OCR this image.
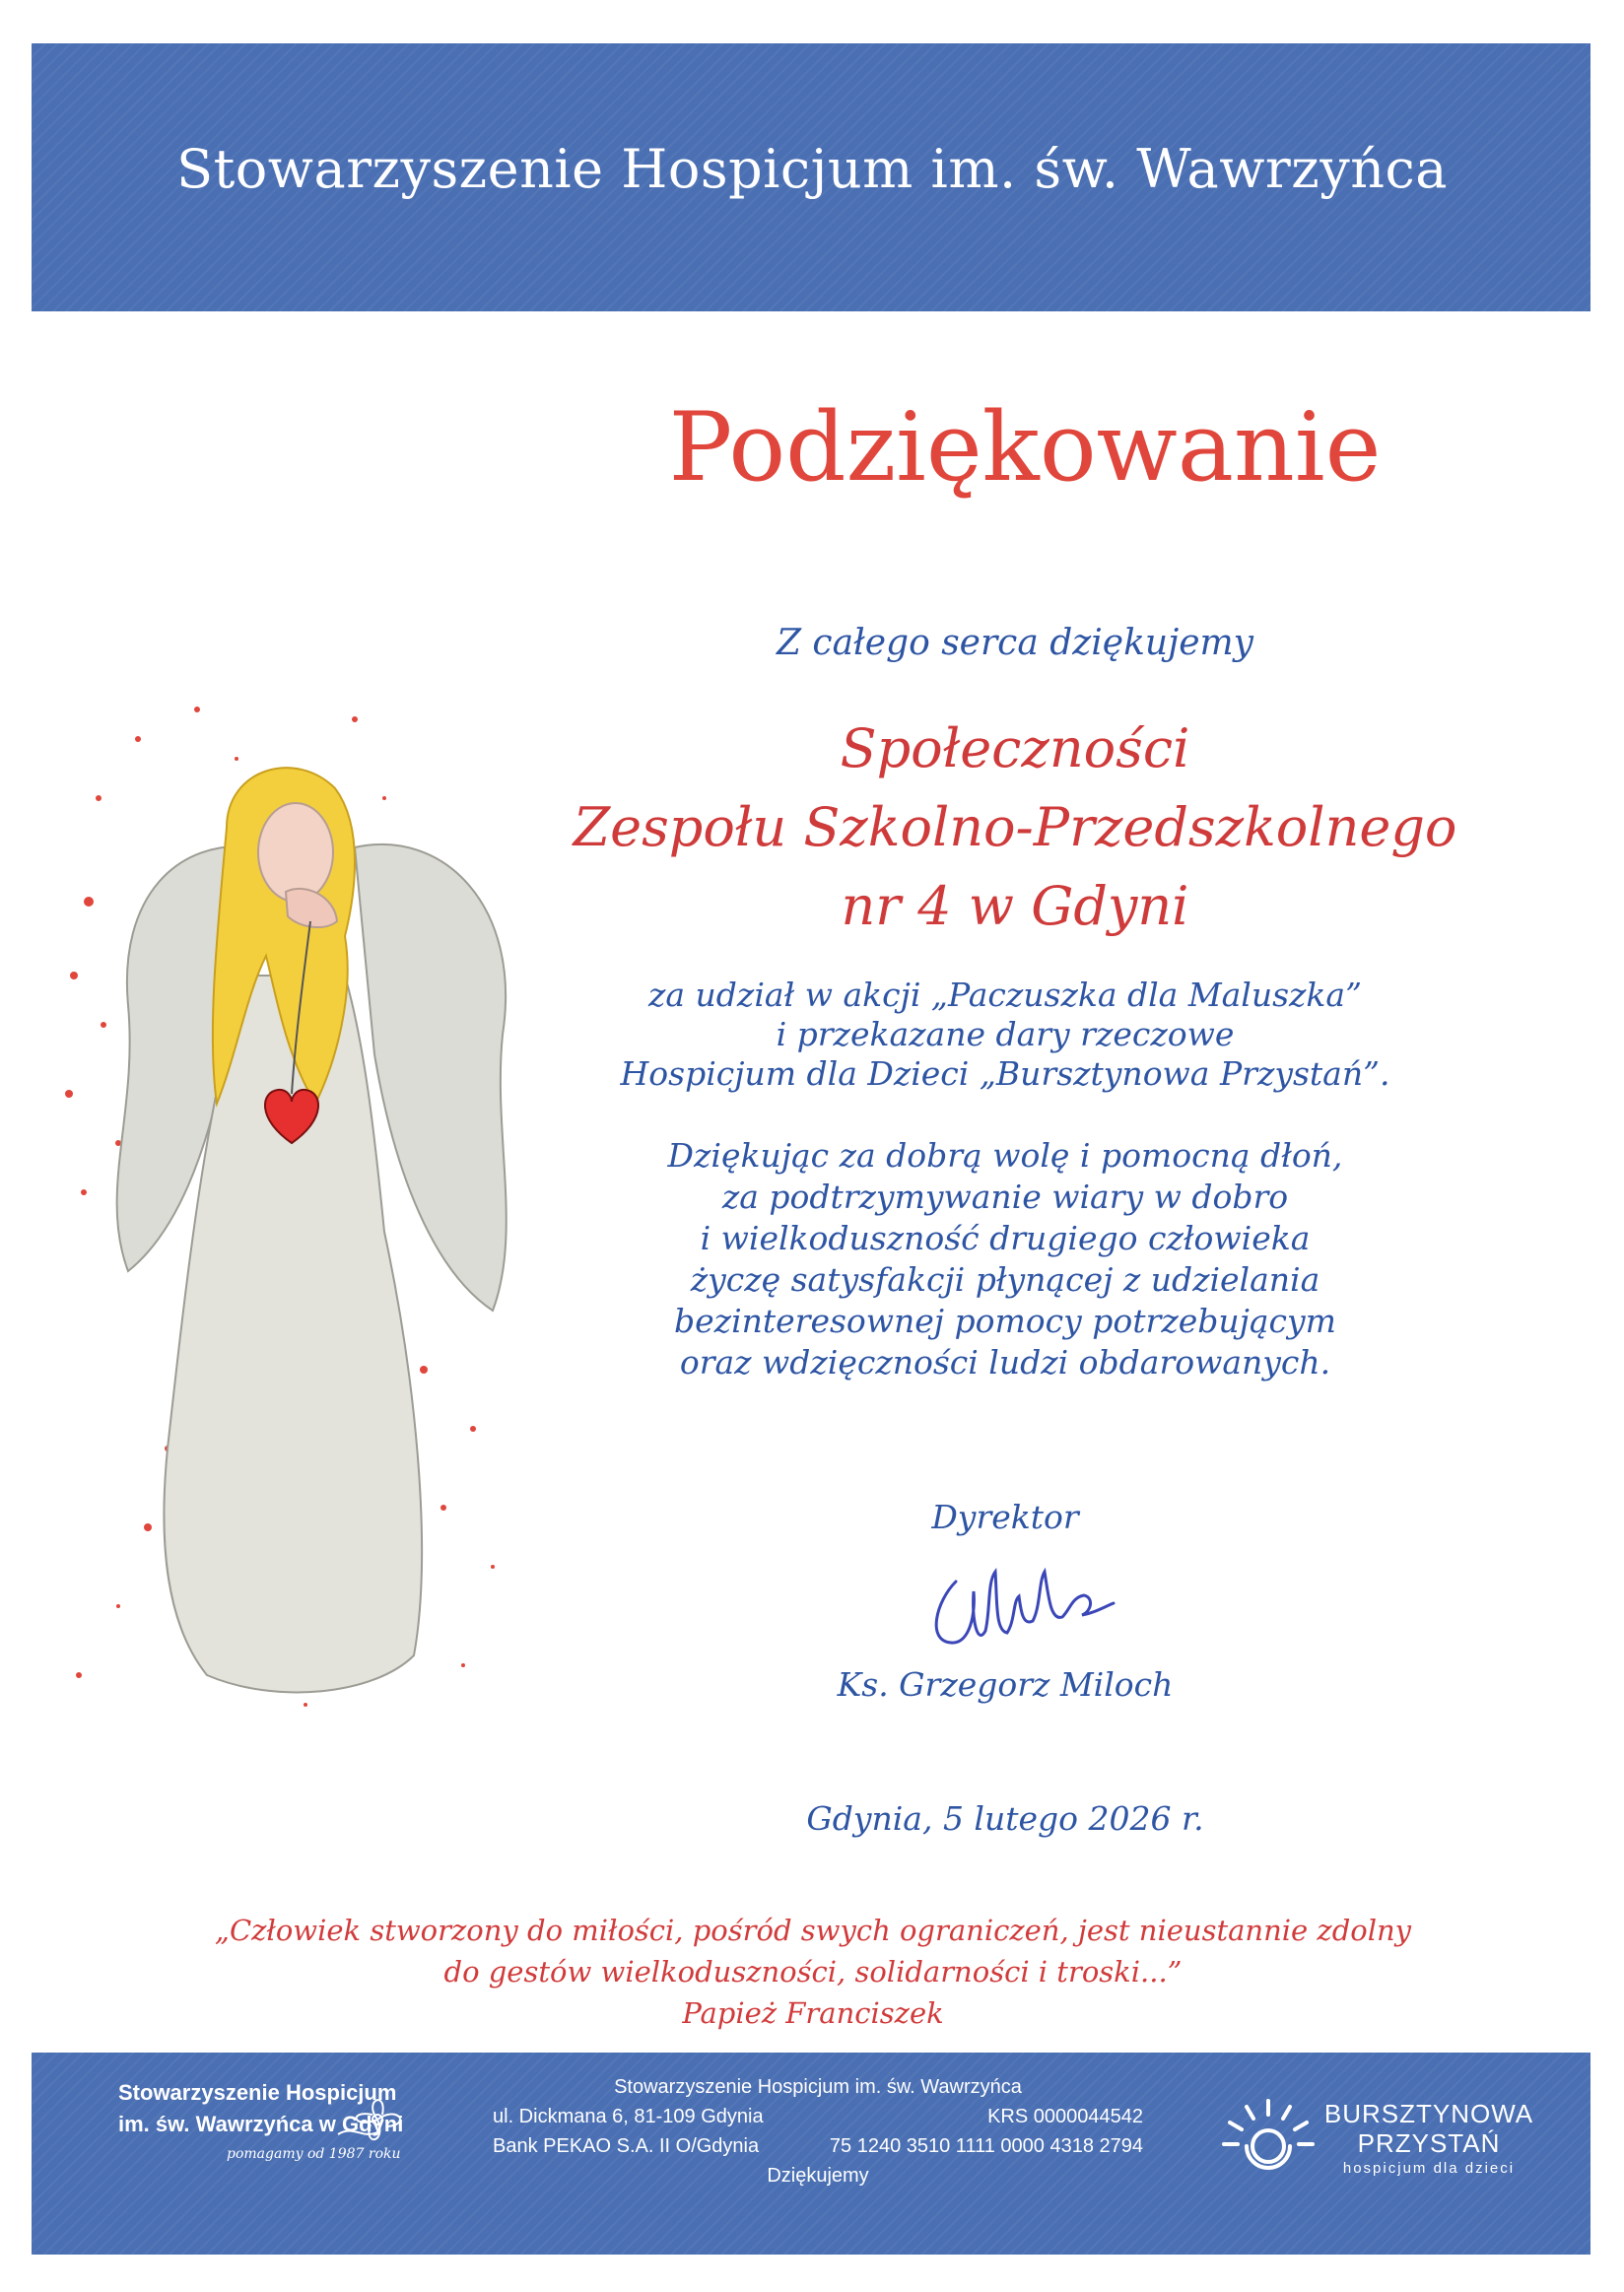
Stowarzyszenie Hospicjum im. św. Wawrzyńca
Podziękowanie
Z całego serca dziękujemy
Społeczności
Zespołu Szkolno-Przedszkolnego
nr 4 w Gdyni
za udział w akcji „Paczuszka dla Maluszka”
i przekazane dary rzeczowe
Hospicjum dla Dzieci „Bursztynowa Przystań”.
Dziękując za dobrą wolę i pomocną dłoń,
za podtrzymywanie wiary w dobro
i wielkoduszność drugiego człowieka
życzę satysfakcji płynącej z udzielania
bezinteresownej pomocy potrzebującym
oraz wdzięczności ludzi obdarowanych.
Dyrektor
Ks. Grzegorz Miloch
Gdynia, 5 lutego 2026 r.
„Człowiek stworzony do miłości, pośród swych ograniczeń, jest nieustannie zdolny
do gestów wielkoduszności, solidarności i troski...”
Papież Franciszek
Stowarzyszenie Hospicjum
im. św. Wawrzyńca w Gdyni
pomagamy od 1987 roku
Stowarzyszenie Hospicjum im. św. Wawrzyńca
ul. Dickmana 6, 81-109 Gdynia	KRS 0000044542
Bank PEKAO S.A. II O/Gdynia	75 1240 3510 1111 0000 4318 2794
Dziękujemy
BURSZTYNOWA
PRZYSTAŃ
hospicjum dla dzieci
